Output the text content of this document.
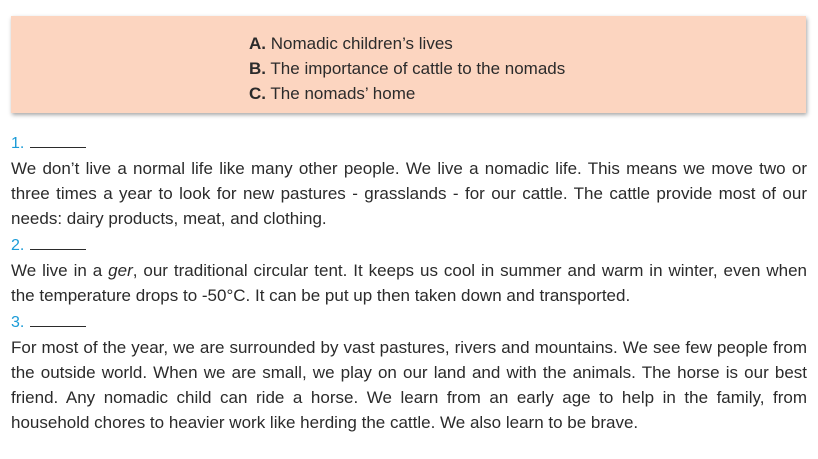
A. Nomadic children’s lives
B. The importance of cattle to the nomads
C. The nomads’ home
1.
We don’t live a normal life like many other people. We live a nomadic life. This means we move two or three times a year to look for new pastures - grasslands - for our cattle. The cattle provide most of our needs: dairy products, meat, and clothing.
2.
We live in a ger, our traditional circular tent. It keeps us cool in summer and warm in winter, even when the temperature drops to -50°C. It can be put up then taken down and transported.
3.
For most of the year, we are surrounded by vast pastures, rivers and mountains. We see few people from the outside world. When we are small, we play on our land and with the animals. The horse is our best friend. Any nomadic child can ride a horse. We learn from an early age to help in the family, from household chores to heavier work like herding the cattle. We also learn to be brave.
